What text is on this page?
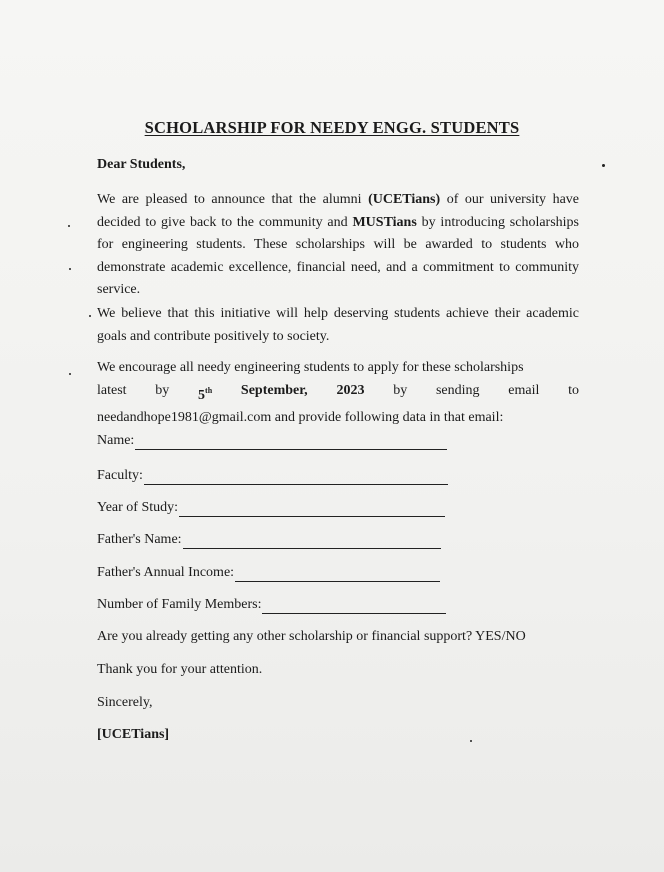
SCHOLARSHIP FOR NEEDY ENGG. STUDENTS
Dear Students,
We are pleased to announce that the alumni (UCETians) of our university have decided to give back to the community and MUSTians by introducing scholarships for engineering students. These scholarships will be awarded to students who demonstrate academic excellence, financial need, and a commitment to community service.
We believe that this initiative will help deserving students achieve their academic goals and contribute positively to society.
We encourage all needy engineering students to apply for these scholarships
latest by 5th September, 2023 by sending email to
needandhope1981@gmail.com and provide following data in that email:
Name:
Faculty:
Year of Study:
Father's Name:
Father's Annual Income:
Number of Family Members:
Are you already getting any other scholarship or financial support? YES/NO
Thank you for your attention.
Sincerely,
[UCETians]
